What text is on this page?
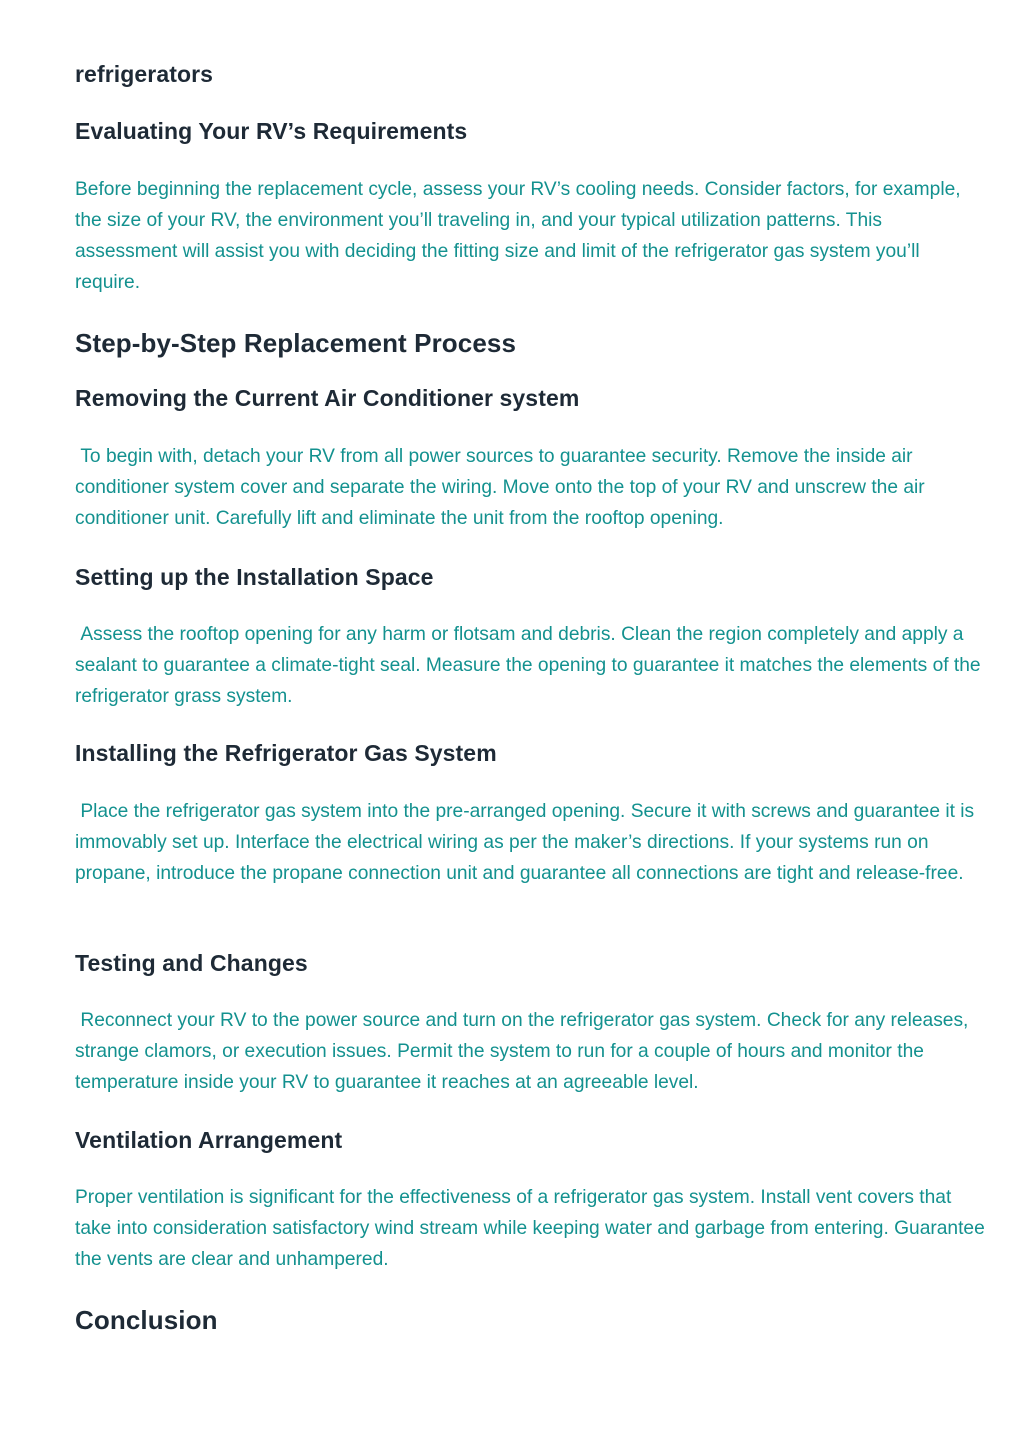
refrigerators
Evaluating Your RV’s Requirements

Before beginning the replacement cycle, assess your RV’s cooling needs. Consider factors, for example, the size of your RV, the environment you’ll traveling in, and your typical utilization patterns. This assessment will assist you with deciding the fitting size and limit of the refrigerator gas system you’ll require.

Step-by-Step Replacement Process
Removing the Current Air Conditioner system

To begin with, detach your RV from all power sources to guarantee security. Remove the inside air conditioner system cover and separate the wiring. Move onto the top of your RV and unscrew the air conditioner unit. Carefully lift and eliminate the unit from the rooftop opening.

Setting up the Installation Space

Assess the rooftop opening for any harm or flotsam and debris. Clean the region completely and apply a sealant to guarantee a climate-tight seal. Measure the opening to guarantee it matches the elements of the refrigerator grass system.

Installing the Refrigerator Gas System

Place the refrigerator gas system into the pre-arranged opening. Secure it with screws and guarantee it is immovably set up. Interface the electrical wiring as per the maker’s directions. If your systems run on propane, introduce the propane connection unit and guarantee all connections are tight and release-free.

Testing and Changes

Reconnect your RV to the power source and turn on the refrigerator gas system. Check for any releases, strange clamors, or execution issues. Permit the system to run for a couple of hours and monitor the temperature inside your RV to guarantee it reaches at an agreeable level.

Ventilation Arrangement

Proper ventilation is significant for the effectiveness of a refrigerator gas system. Install vent covers that take into consideration satisfactory wind stream while keeping water and garbage from entering. Guarantee the vents are clear and unhampered.

Conclusion
